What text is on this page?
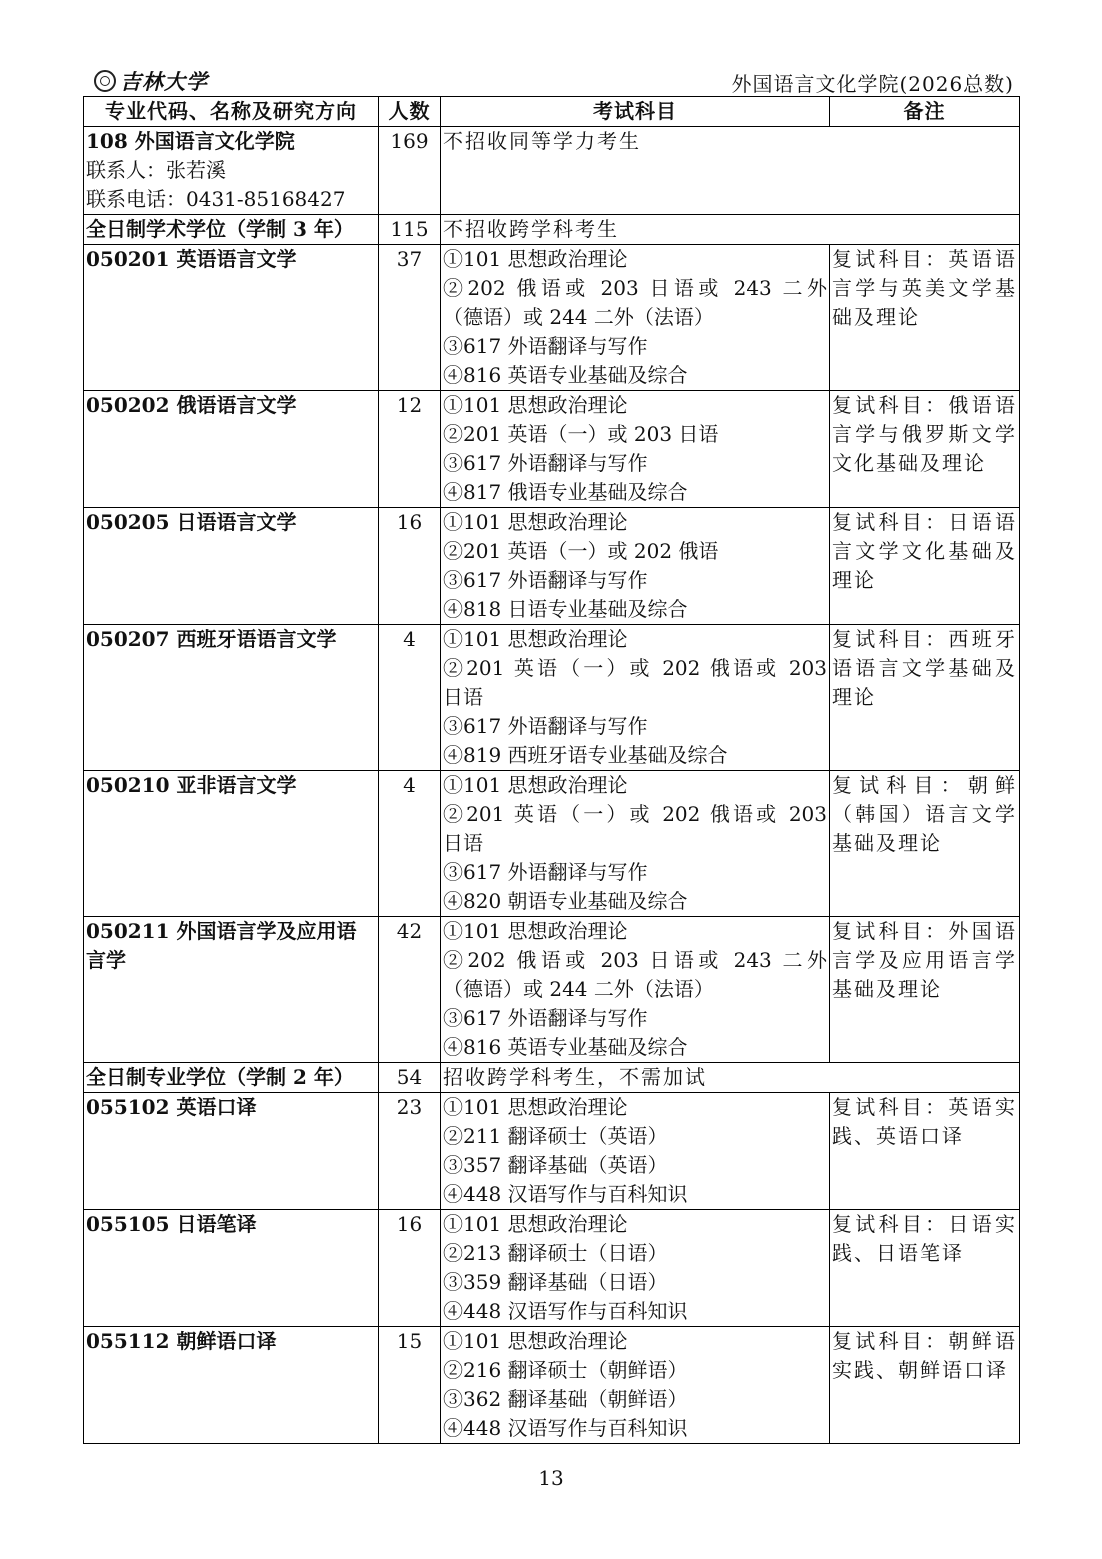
吉林大学	外国语言文化学院(2026总数)
专业代码、名称及研究方向	人数	考试科目	备注

108 外国语言文化学院
联系人：张若溪
联系电话：0431-85168427	169	不招收同等学力考生	
全日制学术学位（学制 3 年）	115	不招收跨学科考生	

050201 英语语言文学	37	①101 思想政治理论
②202 俄语或 203 日语或 243 二外
（德语）或 244 二外（法语）
③617 外语翻译与写作
④816 英语专业基础及综合	复试科目：英语语
言学与英美文学基
础及理论

050202 俄语语言文学	12	①101 思想政治理论
②201 英语（一）或 203 日语
③617 外语翻译与写作
④817 俄语专业基础及综合	复试科目：俄语语
言学与俄罗斯文学
文化基础及理论

050205 日语语言文学	16	①101 思想政治理论
②201 英语（一）或 202 俄语
③617 外语翻译与写作
④818 日语专业基础及综合	复试科目：日语语
言文学文化基础及
理论

050207 西班牙语语言文学	4	①101 思想政治理论
②201 英语（一）或 202 俄语或 203
日语
③617 外语翻译与写作
④819 西班牙语专业基础及综合	复试科目：西班牙
语语言文学基础及
理论

050210 亚非语言文学	4	①101 思想政治理论
②201 英语（一）或 202 俄语或 203
日语
③617 外语翻译与写作
④820 朝语专业基础及综合	复试科目：朝鲜
（韩国）语言文学
基础及理论

050211 外国语言学及应用语
言学	42	①101 思想政治理论
②202 俄语或 203 日语或 243 二外
（德语）或 244 二外（法语）
③617 外语翻译与写作
④816 英语专业基础及综合	复试科目：外国语
言学及应用语言学
基础及理论

全日制专业学位（学制 2 年）	54	招收跨学科考生，不需加试	

055102 英语口译	23	①101 思想政治理论
②211 翻译硕士（英语）
③357 翻译基础（英语）
④448 汉语写作与百科知识	复试科目：英语实
践、英语口译

055105 日语笔译	16	①101 思想政治理论
②213 翻译硕士（日语）
③359 翻译基础（日语）
④448 汉语写作与百科知识	复试科目：日语实
践、日语笔译

055112 朝鲜语口译	15	①101 思想政治理论
②216 翻译硕士（朝鲜语）
③362 翻译基础（朝鲜语）
④448 汉语写作与百科知识	复试科目：朝鲜语
实践、朝鲜语口译
13
